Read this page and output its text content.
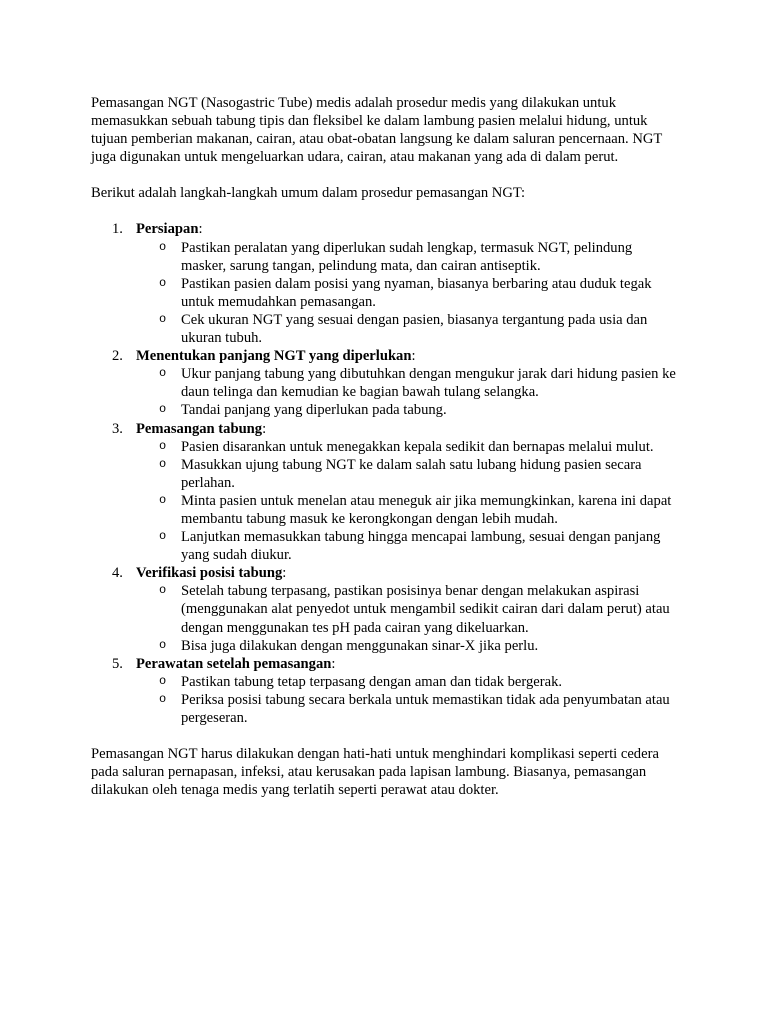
Pemasangan NGT (Nasogastric Tube) medis adalah prosedur medis yang dilakukan untuk memasukkan sebuah tabung tipis dan fleksibel ke dalam lambung pasien melalui hidung, untuk tujuan pemberian makanan, cairan, atau obat-obatan langsung ke dalam saluran pencernaan. NGT juga digunakan untuk mengeluarkan udara, cairan, atau makanan yang ada di dalam perut.

Berikut adalah langkah-langkah umum dalam prosedur pemasangan NGT:

1. Persiapan:
o Pastikan peralatan yang diperlukan sudah lengkap, termasuk NGT, pelindung masker, sarung tangan, pelindung mata, dan cairan antiseptik.
o Pastikan pasien dalam posisi yang nyaman, biasanya berbaring atau duduk tegak untuk memudahkan pemasangan.
o Cek ukuran NGT yang sesuai dengan pasien, biasanya tergantung pada usia dan ukuran tubuh.
2. Menentukan panjang NGT yang diperlukan:
o Ukur panjang tabung yang dibutuhkan dengan mengukur jarak dari hidung pasien ke daun telinga dan kemudian ke bagian bawah tulang selangka.
o Tandai panjang yang diperlukan pada tabung.
3. Pemasangan tabung:
o Pasien disarankan untuk menegakkan kepala sedikit dan bernapas melalui mulut.
o Masukkan ujung tabung NGT ke dalam salah satu lubang hidung pasien secara perlahan.
o Minta pasien untuk menelan atau meneguk air jika memungkinkan, karena ini dapat membantu tabung masuk ke kerongkongan dengan lebih mudah.
o Lanjutkan memasukkan tabung hingga mencapai lambung, sesuai dengan panjang yang sudah diukur.
4. Verifikasi posisi tabung:
o Setelah tabung terpasang, pastikan posisinya benar dengan melakukan aspirasi (menggunakan alat penyedot untuk mengambil sedikit cairan dari dalam perut) atau dengan menggunakan tes pH pada cairan yang dikeluarkan.
o Bisa juga dilakukan dengan menggunakan sinar-X jika perlu.
5. Perawatan setelah pemasangan:
o Pastikan tabung tetap terpasang dengan aman dan tidak bergerak.
o Periksa posisi tabung secara berkala untuk memastikan tidak ada penyumbatan atau pergeseran.

Pemasangan NGT harus dilakukan dengan hati-hati untuk menghindari komplikasi seperti cedera pada saluran pernapasan, infeksi, atau kerusakan pada lapisan lambung. Biasanya, pemasangan dilakukan oleh tenaga medis yang terlatih seperti perawat atau dokter.
